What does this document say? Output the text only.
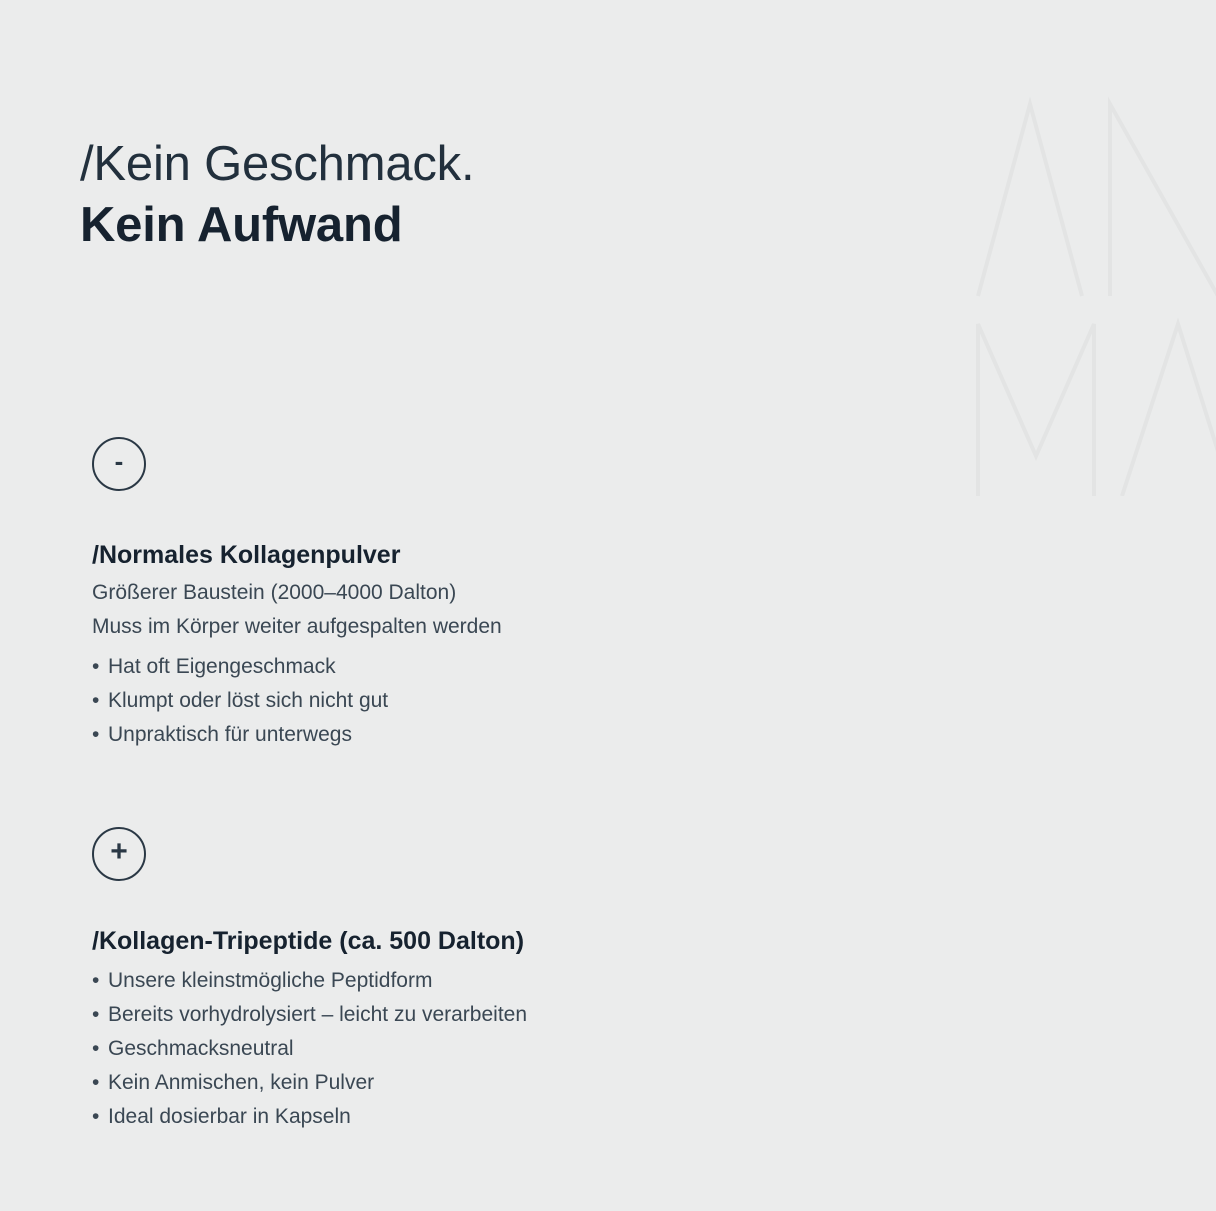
/Kein Geschmack.
Kein Aufwand
-
/Normales Kollagenpulver
Größerer Baustein (2000–4000 Dalton)
Muss im Körper weiter aufgespalten werden
• Hat oft Eigengeschmack
• Klumpt oder löst sich nicht gut
• Unpraktisch für unterwegs
+
/Kollagen-Tripeptide (ca. 500 Dalton)
• Unsere kleinstmögliche Peptidform
• Bereits vorhydrolysiert – leicht zu verarbeiten
• Geschmacksneutral
• Kein Anmischen, kein Pulver
• Ideal dosierbar in Kapseln
